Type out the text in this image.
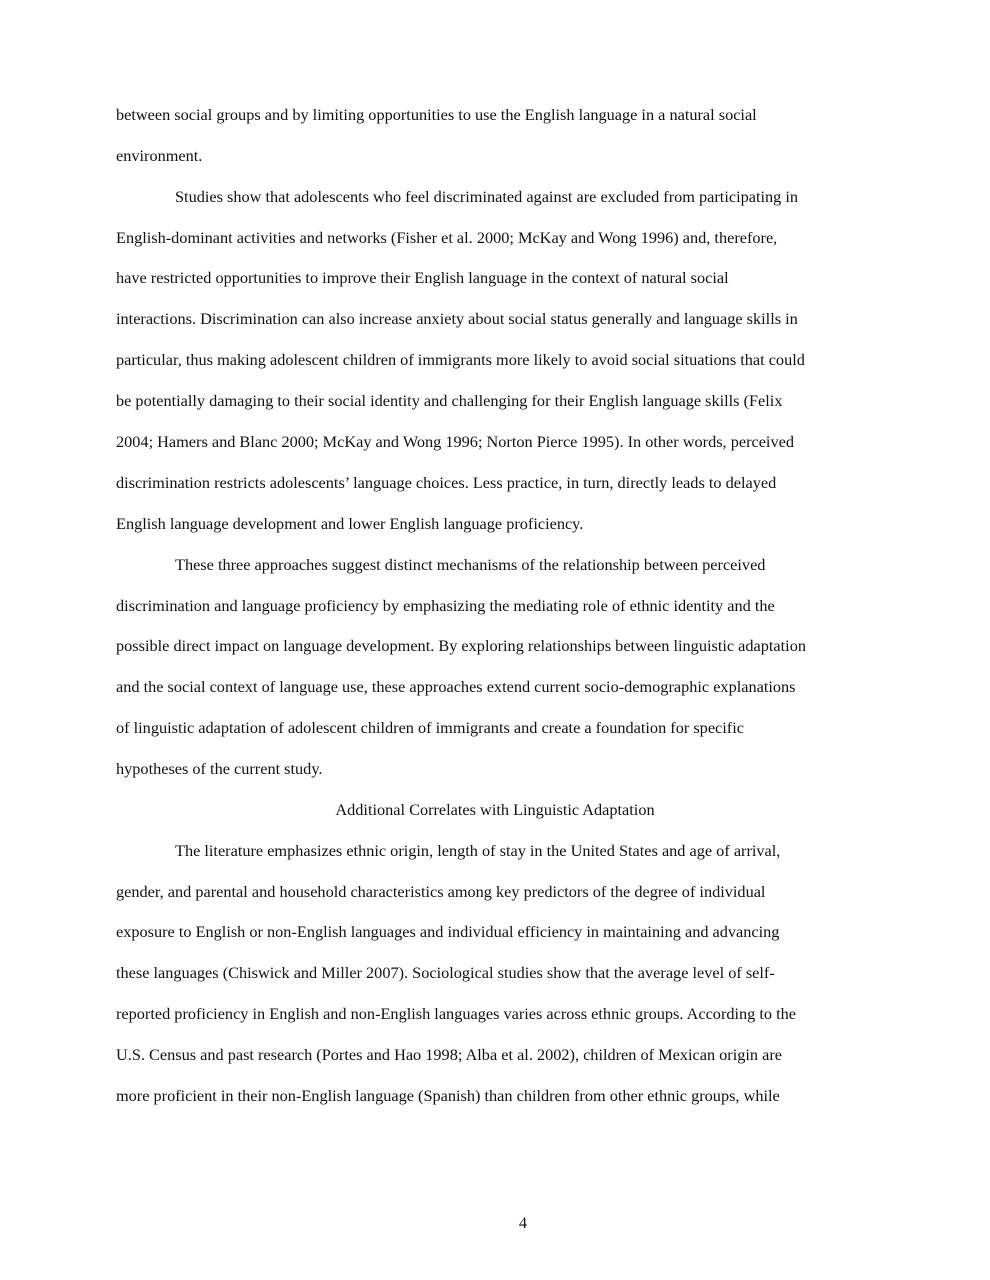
between social groups and by limiting opportunities to use the English language in a natural social
environment.
Studies show that adolescents who feel discriminated against are excluded from participating in
English-dominant activities and networks (Fisher et al. 2000; McKay and Wong 1996) and, therefore,
have restricted opportunities to improve their English language in the context of natural social
interactions. Discrimination can also increase anxiety about social status generally and language skills in
particular, thus making adolescent children of immigrants more likely to avoid social situations that could
be potentially damaging to their social identity and challenging for their English language skills (Felix
2004; Hamers and Blanc 2000; McKay and Wong 1996; Norton Pierce 1995). In other words, perceived
discrimination restricts adolescents’ language choices. Less practice, in turn, directly leads to delayed
English language development and lower English language proficiency.
These three approaches suggest distinct mechanisms of the relationship between perceived
discrimination and language proficiency by emphasizing the mediating role of ethnic identity and the
possible direct impact on language development. By exploring relationships between linguistic adaptation
and the social context of language use, these approaches extend current socio-demographic explanations
of linguistic adaptation of adolescent children of immigrants and create a foundation for specific
hypotheses of the current study.
Additional Correlates with Linguistic Adaptation
The literature emphasizes ethnic origin, length of stay in the United States and age of arrival,
gender, and parental and household characteristics among key predictors of the degree of individual
exposure to English or non-English languages and individual efficiency in maintaining and advancing
these languages (Chiswick and Miller 2007). Sociological studies show that the average level of self-
reported proficiency in English and non-English languages varies across ethnic groups. According to the
U.S. Census and past research (Portes and Hao 1998; Alba et al. 2002), children of Mexican origin are
more proficient in their non-English language (Spanish) than children from other ethnic groups, while
4
